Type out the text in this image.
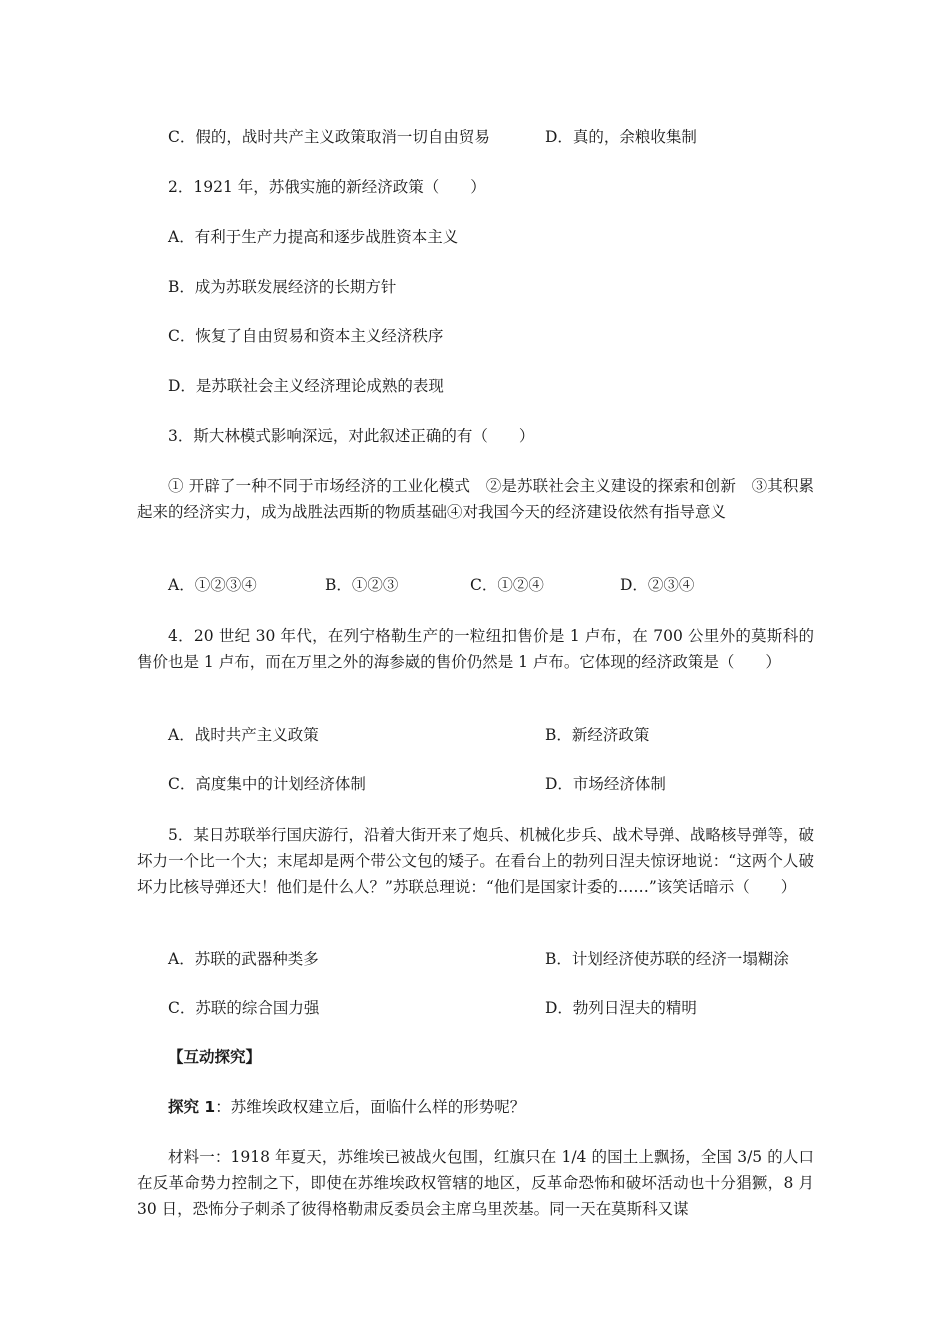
C．假的，战时共产主义政策取消一切自由贸易	D．真的，余粮收集制
2．1921 年，苏俄实施的新经济政策（　　）
A．有利于生产力提高和逐步战胜资本主义
B．成为苏联发展经济的长期方针
C．恢复了自由贸易和资本主义经济秩序
D．是苏联社会主义经济理论成熟的表现
3．斯大林模式影响深远，对此叙述正确的有（　　）
① 开辟了一种不同于市场经济的工业化模式　②是苏联社会主义建设的探索和创新　③其积累起来的经济实力，成为战胜法西斯的物质基础④对我国今天的经济建设依然有指导意义
A．①②③④	B．①②③	C．①②④	D．②③④
4．20 世纪 30 年代，在列宁格勒生产的一粒纽扣售价是 1 卢布，在 700 公里外的莫斯科的售价也是 1 卢布，而在万里之外的海参崴的售价仍然是 1 卢布。它体现的经济政策是（　　）
A．战时共产主义政策	B．新经济政策
C．高度集中的计划经济体制	D．市场经济体制
5．某日苏联举行国庆游行，沿着大街开来了炮兵、机械化步兵、战术导弹、战略核导弹等，破坏力一个比一个大；末尾却是两个带公文包的矮子。在看台上的勃列日涅夫惊讶地说：“这两个人破坏力比核导弹还大！他们是什么人？”苏联总理说：“他们是国家计委的……”该笑话暗示（　　）
A．苏联的武器种类多	B．计划经济使苏联的经济一塌糊涂
C．苏联的综合国力强	D．勃列日涅夫的精明
【互动探究】
探究 1：苏维埃政权建立后，面临什么样的形势呢？
材料一：1918 年夏天，苏维埃已被战火包围，红旗只在 1/4 的国土上飘扬，全国 3/5 的人口在反革命势力控制之下，即使在苏维埃政权管辖的地区，反革命恐怖和破坏活动也十分猖獗，8 月 30 日，恐怖分子刺杀了彼得格勒肃反委员会主席乌里茨基。同一天在莫斯科又谋
